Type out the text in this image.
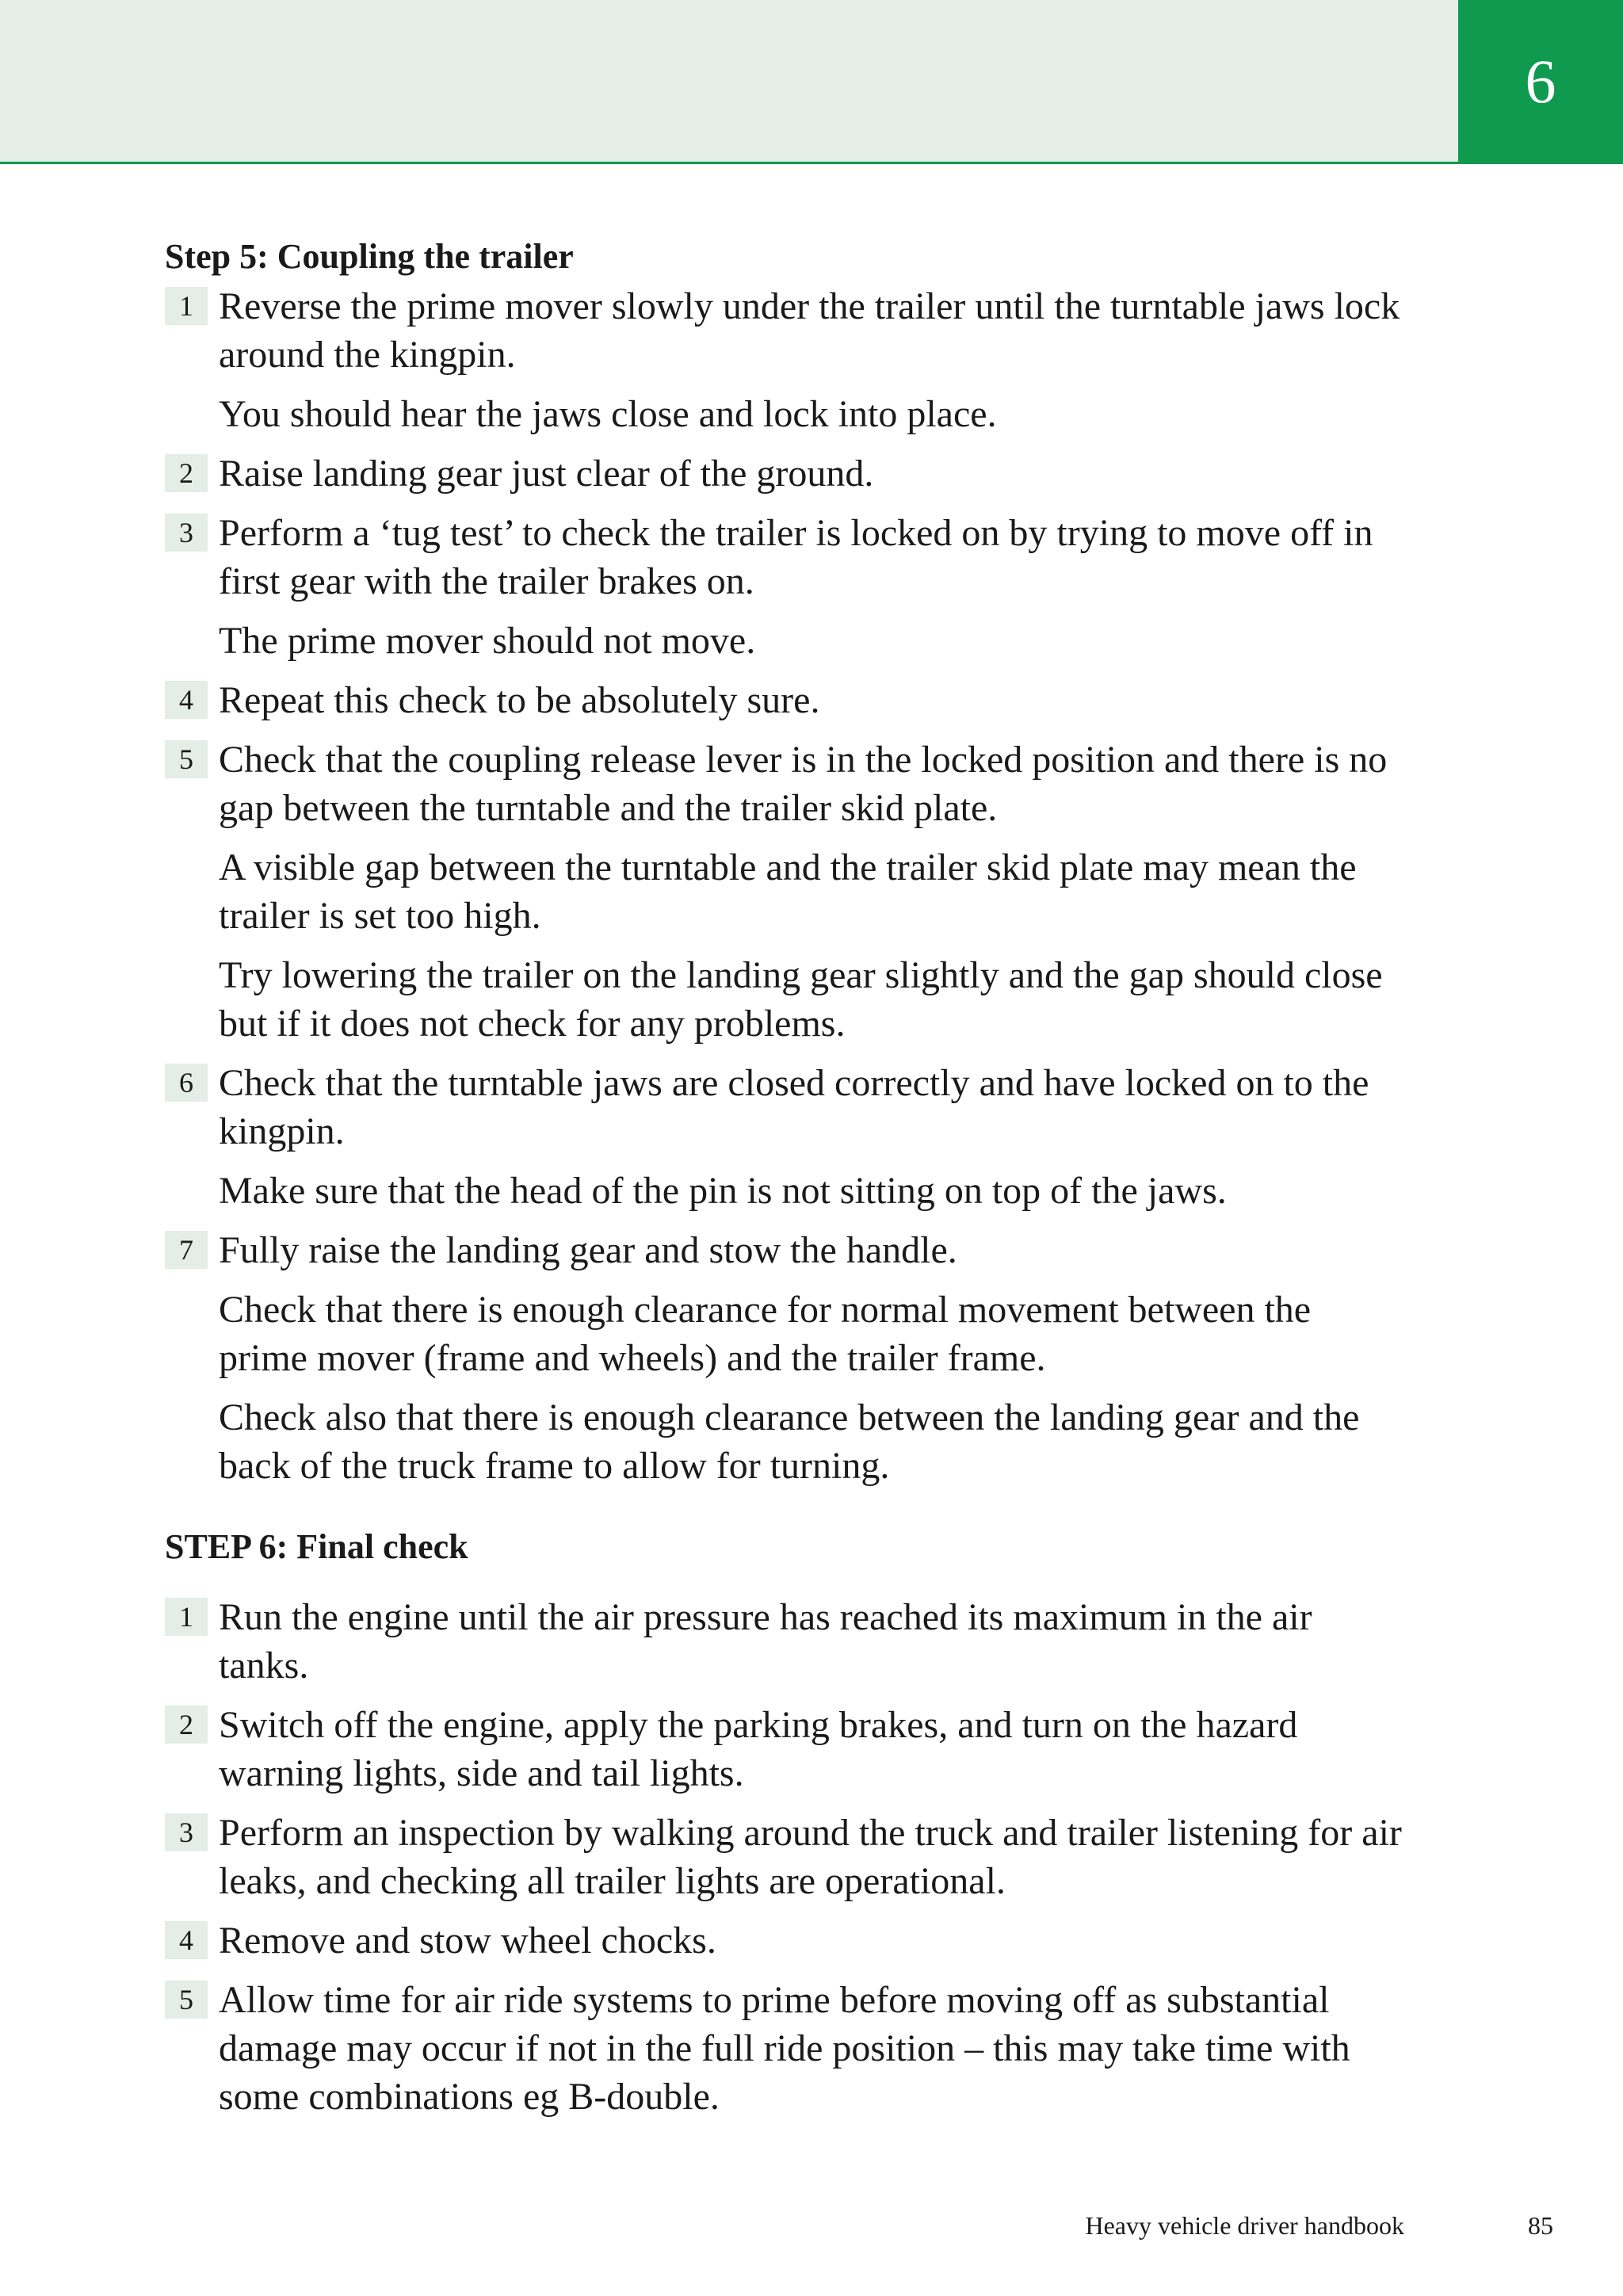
6
Step 5: Coupling the trailer
1 Reverse the prime mover slowly under the trailer until the turntable jaws lock around the kingpin.

You should hear the jaws close and lock into place.

2 Raise landing gear just clear of the ground.

3 Perform a ‘tug test’ to check the trailer is locked on by trying to move off in first gear with the trailer brakes on.

The prime mover should not move.

4 Repeat this check to be absolutely sure.

5 Check that the coupling release lever is in the locked position and there is no gap between the turntable and the trailer skid plate.

A visible gap between the turntable and the trailer skid plate may mean the trailer is set too high.

Try lowering the trailer on the landing gear slightly and the gap should close but if it does not check for any problems.

6 Check that the turntable jaws are closed correctly and have locked on to the kingpin.

Make sure that the head of the pin is not sitting on top of the jaws.

7 Fully raise the landing gear and stow the handle.

Check that there is enough clearance for normal movement between the prime mover (frame and wheels) and the trailer frame.

Check also that there is enough clearance between the landing gear and the back of the truck frame to allow for turning.

STEP 6: Final check
1 Run the engine until the air pressure has reached its maximum in the air tanks.

2 Switch off the engine, apply the parking brakes, and turn on the hazard warning lights, side and tail lights.

3 Perform an inspection by walking around the truck and trailer listening for air leaks, and checking all trailer lights are operational.

4 Remove and stow wheel chocks.

5 Allow time for air ride systems to prime before moving off as substantial damage may occur if not in the full ride position – this may take time with some combinations eg B-double.

Heavy vehicle driver handbook	85
